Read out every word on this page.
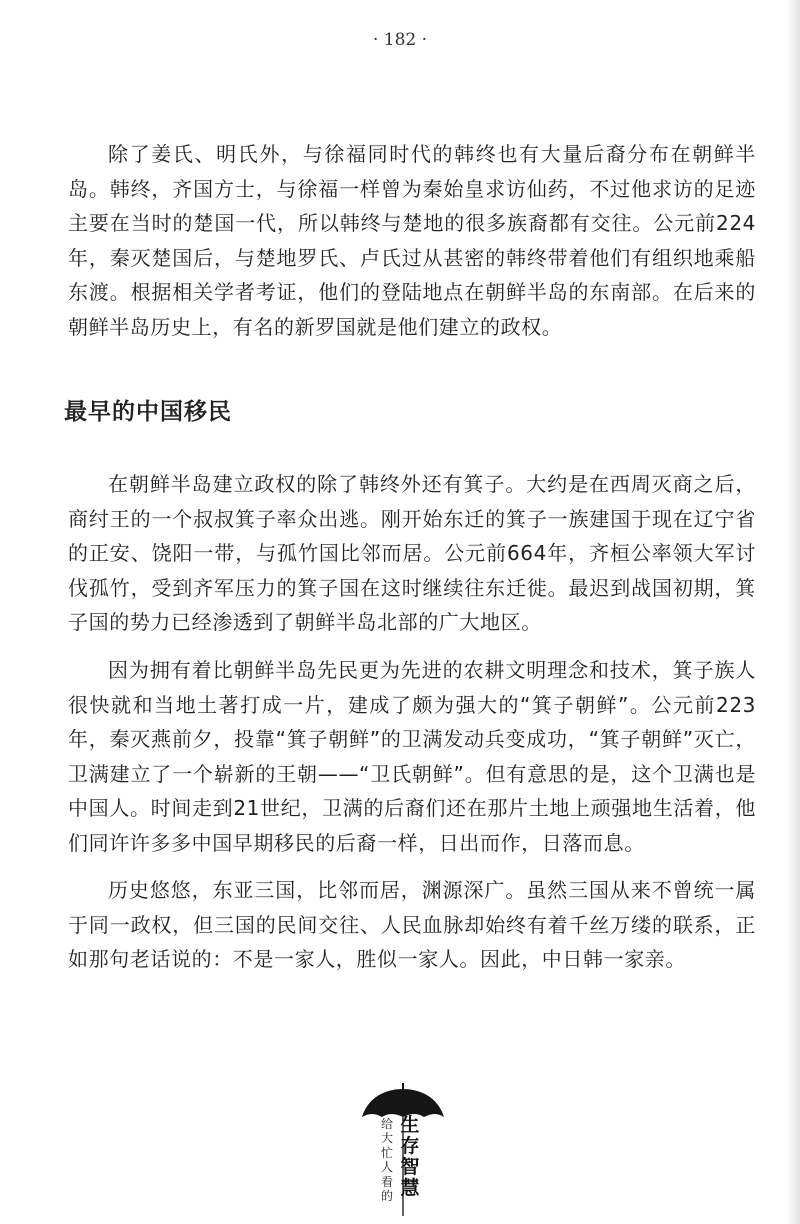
· 182 ·

除了姜氏、明氏外，与徐福同时代的韩终也有大量后裔分布在朝鲜半岛。韩终，齐国方士，与徐福一样曾为秦始皇求访仙药，不过他求访的足迹主要在当时的楚国一代，所以韩终与楚地的很多族裔都有交往。公元前224年，秦灭楚国后，与楚地罗氏、卢氏过从甚密的韩终带着他们有组织地乘船东渡。根据相关学者考证，他们的登陆地点在朝鲜半岛的东南部。在后来的朝鲜半岛历史上，有名的新罗国就是他们建立的政权。

最早的中国移民

在朝鲜半岛建立政权的除了韩终外还有箕子。大约是在西周灭商之后，商纣王的一个叔叔箕子率众出逃。刚开始东迁的箕子一族建国于现在辽宁省的正安、饶阳一带，与孤竹国比邻而居。公元前664年，齐桓公率领大军讨伐孤竹，受到齐军压力的箕子国在这时继续往东迁徙。最迟到战国初期，箕子国的势力已经渗透到了朝鲜半岛北部的广大地区。

因为拥有着比朝鲜半岛先民更为先进的农耕文明理念和技术，箕子族人很快就和当地土著打成一片，建成了颇为强大的“箕子朝鲜”。公元前223年，秦灭燕前夕，投靠“箕子朝鲜”的卫满发动兵变成功，“箕子朝鲜”灭亡，卫满建立了一个崭新的王朝——“卫氏朝鲜”。但有意思的是，这个卫满也是中国人。时间走到21世纪，卫满的后裔们还在那片土地上顽强地生活着，他们同许许多多中国早期移民的后裔一样，日出而作，日落而息。

历史悠悠，东亚三国，比邻而居，渊源深广。虽然三国从来不曾统一属于同一政权，但三国的民间交往、人民血脉却始终有着千丝万缕的联系，正如那句老话说的：不是一家人，胜似一家人。因此，中日韩一家亲。

给大忙人看的
生存智慧
